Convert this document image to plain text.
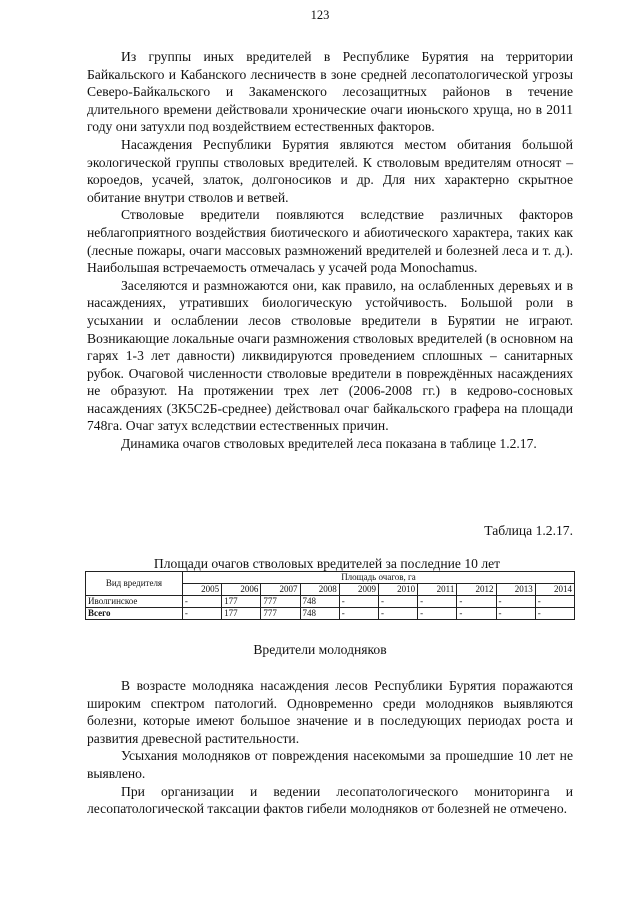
123

Из группы иных вредителей в Республике Бурятия на территории Байкальского и Кабанского лесничеств в зоне средней лесопатологической угрозы Северо-Байкальского и Закаменского лесозащитных районов в течение длительного времени действовали хронические очаги июньского хруща, но в 2011 году они затухли под воздействием естественных факторов.

Насаждения Республики Бурятия являются местом обитания большой экологической группы стволовых вредителей. К стволовым вредителям относят – короедов, усачей, златок, долгоносиков и др. Для них характерно скрытное обитание внутри стволов и ветвей.

Стволовые вредители появляются вследствие различных факторов неблагоприятного воздействия биотического и абиотического характера, таких как (лесные пожары, очаги массовых размножений вредителей и болезней леса и т. д.). Наибольшая встречаемость отмечалась у усачей рода Monochamus.

Заселяются и размножаются они, как правило, на ослабленных деревьях и в насаждениях, утративших биологическую устойчивость. Большой роли в усыхании и ослаблении лесов стволовые вредители в Бурятии не играют. Возникающие локальные очаги размножения стволовых вредителей (в основном на гарях 1-3 лет давности) ликвидируются проведением сплошных – санитарных рубок. Очаговой численности стволовые вредители в повреждённых насаждениях не образуют. На протяжении трех лет (2006-2008 гг.) в кедрово-сосновых насаждениях (3К5С2Б-среднее) действовал очаг байкальского графера на площади 748га. Очаг затух вследствии естественных причин.

Динамика очагов стволовых вредителей леса показана в таблице 1.2.17.

Таблица 1.2.17.
Площади очагов стволовых вредителей за последние 10 лет
Вид вредителя	Площадь очагов, га									
	2005	2006	2007	2008	2009	2010	2011	2012	2013	2014
Иволгинское	-	177	777	748	-	-	-	-	-	-
Всего	-	177	777	748	-	-	-	-	-	-
Вредители молодняков

В возрасте молодняка насаждения лесов Республики Бурятия поражаются широким спектром патологий. Одновременно среди молодняков выявляются болезни, которые имеют большое значение и в последующих периодах роста и развития древесной растительности.

Усыхания молодняков от повреждения насекомыми за прошедшие 10 лет не выявлено.

При организации и ведении лесопатологического мониторинга и лесопатологической таксации фактов гибели молодняков от болезней не отмечено.
